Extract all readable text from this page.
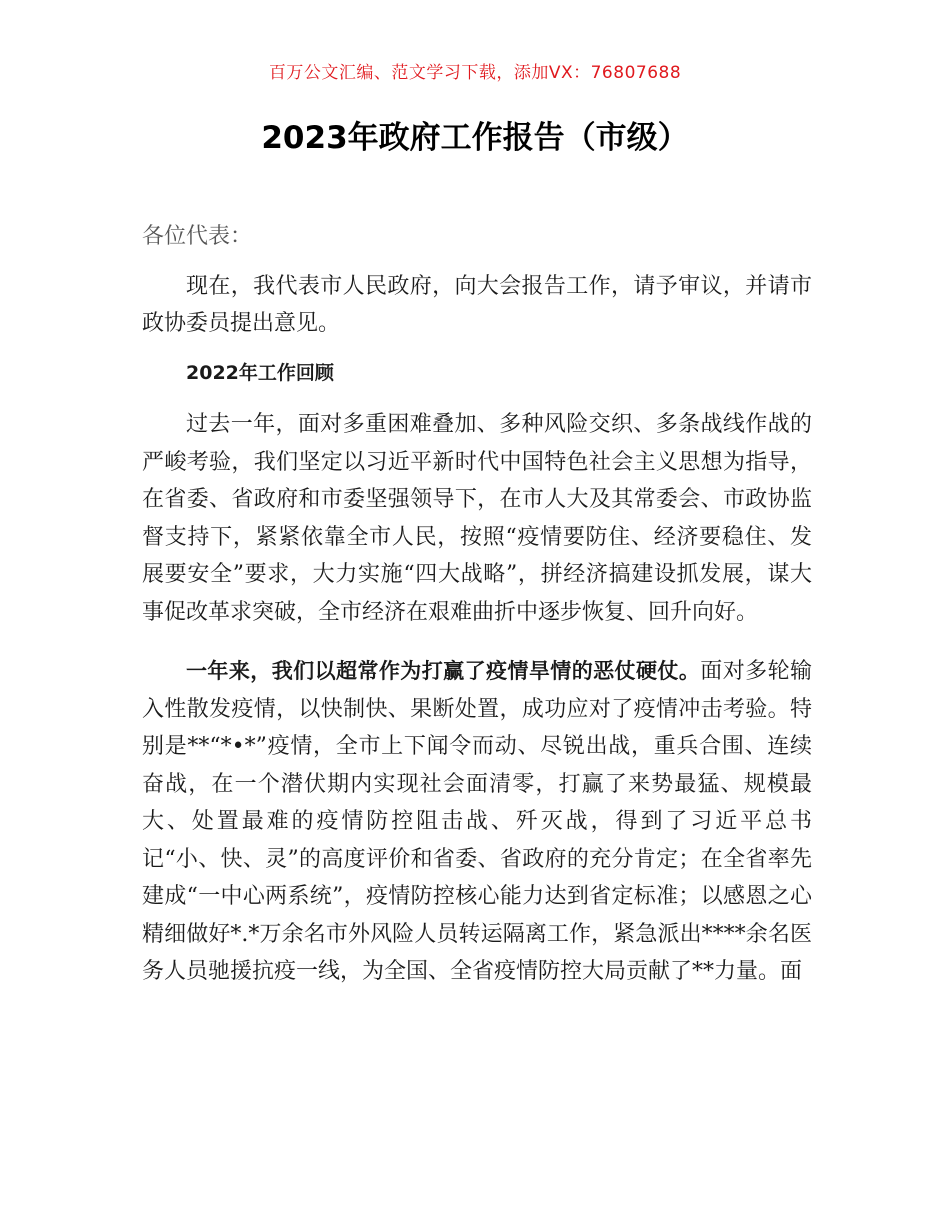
百万公文汇编、范文学习下载，添加VX：76807688
2023年政府工作报告（市级）

各位代表：

现在，我代表市人民政府，向大会报告工作，请予审议，并请市政协委员提出意见。

2022年工作回顾

过去一年，面对多重困难叠加、多种风险交织、多条战线作战的严峻考验，我们坚定以习近平新时代中国特色社会主义思想为指导，在省委、省政府和市委坚强领导下，在市人大及其常委会、市政协监督支持下，紧紧依靠全市人民，按照“疫情要防住、经济要稳住、发展要安全”要求，大力实施“四大战略”，拼经济搞建设抓发展，谋大事促改革求突破，全市经济在艰难曲折中逐步恢复、回升向好。

一年来，我们以超常作为打赢了疫情旱情的恶仗硬仗。面对多轮输入性散发疫情，以快制快、果断处置，成功应对了疫情冲击考验。特别是**“*•*”疫情，全市上下闻令而动、尽锐出战，重兵合围、连续奋战，在一个潜伏期内实现社会面清零，打赢了来势最猛、规模最大、处置最难的疫情防控阻击战、歼灭战，得到了习近平总书记“小、快、灵”的高度评价和省委、省政府的充分肯定；在全省率先建成“一中心两系统”，疫情防控核心能力达到省定标准；以感恩之心精细做好*.*万余名市外风险人员转运隔离工作，紧急派出****余名医务人员驰援抗疫一线，为全国、全省疫情防控大局贡献了**力量。面
